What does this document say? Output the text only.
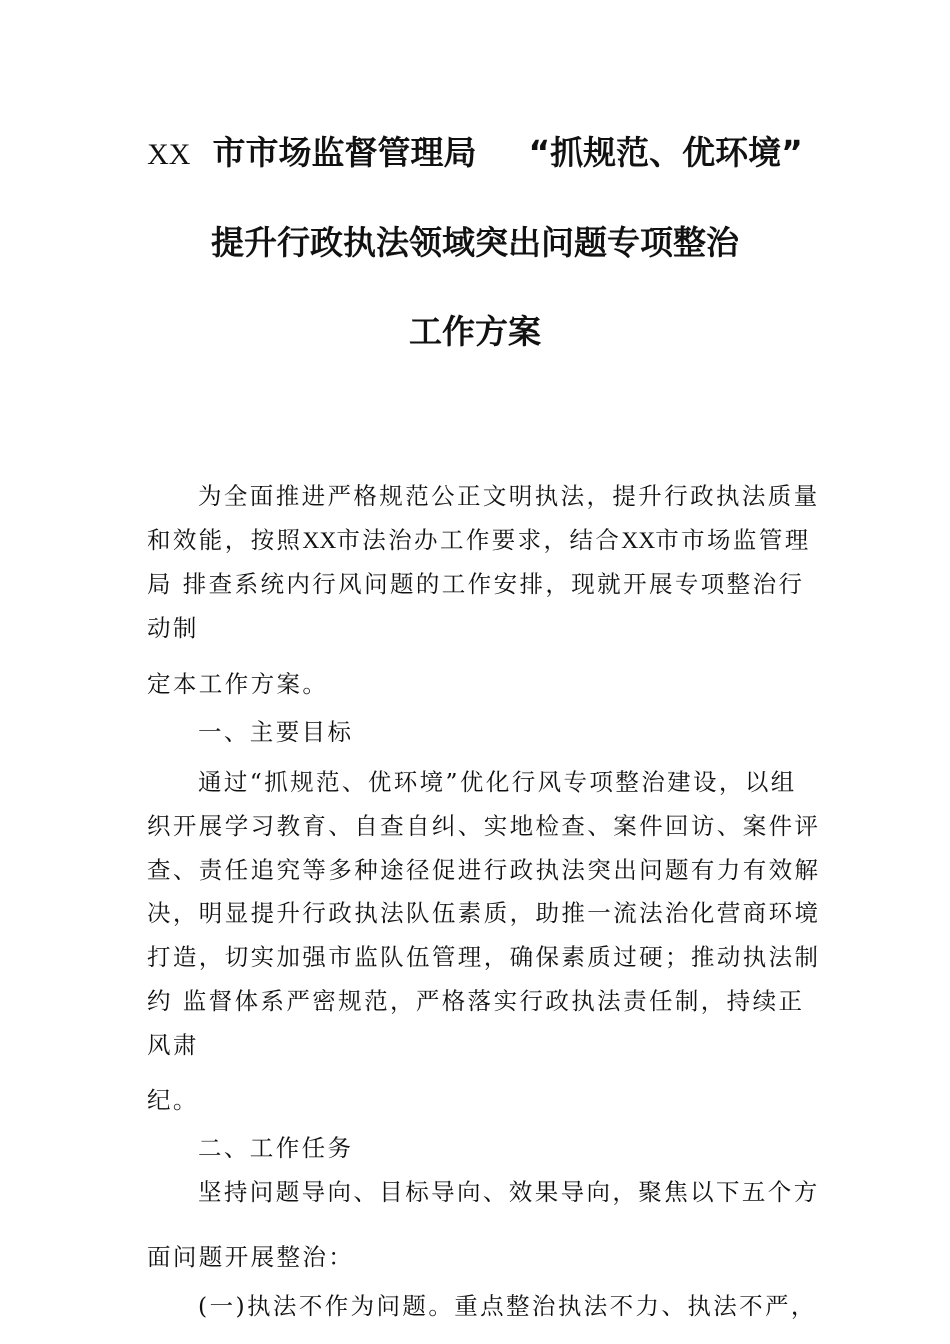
XX 市市场监督管理局 “抓规范、优环境”
提升行政执法领域突出问题专项整治
工作方案
为全面推进严格规范公正文明执法，提升行政执法质量
和效能，按照XX市法治办工作要求，结合XX市市场监管理
局 排查系统内行风问题的工作安排，现就开展专项整治行
动制
定本工作方案。
一、主要目标
通过“抓规范、优环境”优化行风专项整治建设，以组
织开展学习教育、自查自纠、实地检查、案件回访、案件评
查、责任追究等多种途径促进行政执法突出问题有力有效解
决，明显提升行政执法队伍素质，助推一流法治化营商环境
打造，切实加强市监队伍管理，确保素质过硬；推动执法制
约 监督体系严密规范，严格落实行政执法责任制，持续正
风肃
纪。
二、工作任务
坚持问题导向、目标导向、效果导向，聚焦以下五个方
面问题开展整治：
(一)执法不作为问题。重点整治执法不力、执法不严，
